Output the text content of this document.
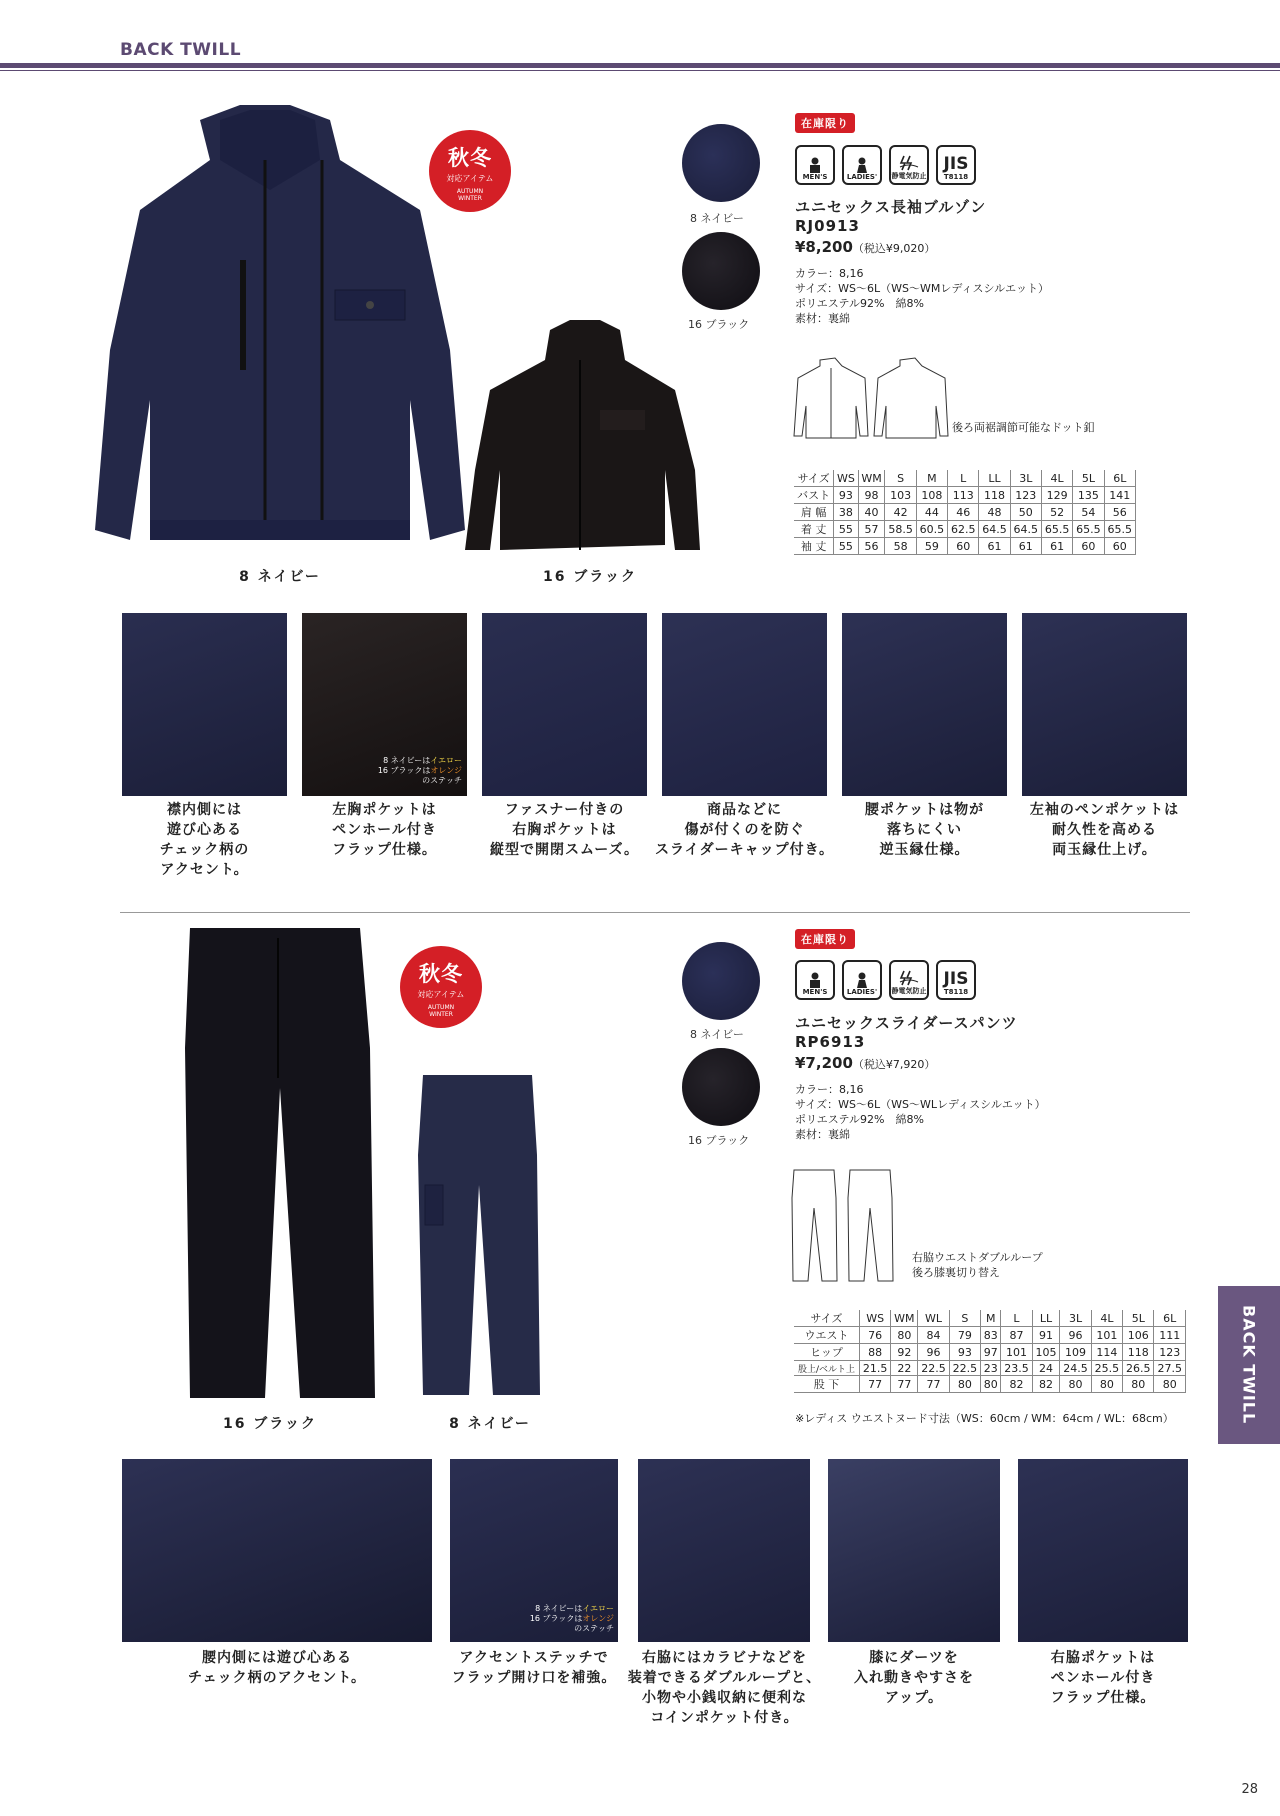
BACK TWILL
秋冬
対応アイテム
AUTUMN
WINTER
8 ネイビー	16 ブラック
8 ネイビー
16 ブラック
在庫限り
MEN'S	LADIES' 静電気防止
JIS
T8118
ユニセックス長袖ブルゾン
RJ0913
¥8,200（税込¥9,020）
カラー：8,16
サイズ：WS〜6L（WS〜WMレディスシルエット）
ポリエステル92%　綿8%
素材：裏綿
後ろ両裾調節可能なドット釦
サイズ	WS	WM	S	M	L	LL	3L	4L	5L	6L
バスト	93	98	103	108	113	118	123	129	135	141
肩 幅	38	40	42	44	46	48	50	52	54	56
着 丈	55	57	58.5	60.5	62.5	64.5	64.5	65.5	65.5	65.5
袖 丈	55	56	58	59	60	61	61	61	60	60
8 ネイビーはイエロー
16 ブラックはオレンジ
のステッチ
襟内側には
遊び心ある
チェック柄の
アクセント。
左胸ポケットは
ペンホール付き
フラップ仕様。
ファスナー付きの
右胸ポケットは
縦型で開閉スムーズ。
商品などに
傷が付くのを防ぐ
スライダーキャップ付き。
腰ポケットは物が
落ちにくい
逆玉縁仕様。
左袖のペンポケットは
耐久性を高める
両玉縁仕上げ。
秋冬
対応アイテム
AUTUMN
WINTER
16 ブラック	8 ネイビー
8 ネイビー
16 ブラック
在庫限り
MEN'S	LADIES' 静電気防止
JIS
T8118
ユニセックスライダースパンツ
RP6913
¥7,200（税込¥7,920）
カラー：8,16
サイズ：WS〜6L（WS〜WLレディスシルエット）
ポリエステル92%　綿8%
素材：裏綿
右脇ウエストダブルループ
後ろ膝裏切り替え
サイズ	WS	WM	WL	S	M	L	LL	3L	4L	5L	6L
ウエスト	76	80	84	79	83	87	91	96	101	106	111
ヒップ	88	92	96	93	97	101	105	109	114	118	123
股上/ベルト上	21.5	22	22.5	22.5	23	23.5	24	24.5	25.5	26.5	27.5
股 下	77	77	77	80	80	82	82	80	80	80	80
※レディス ウエストヌード寸法（WS：60cm / WM：64cm / WL：68cm）
8 ネイビーはイエロー
16 ブラックはオレンジ
のステッチ
腰内側には遊び心ある
チェック柄のアクセント。
アクセントステッチで
フラップ開け口を補強。
右脇にはカラビナなどを
装着できるダブルループと、
小物や小銭収納に便利な
コインポケット付き。
膝にダーツを
入れ動きやすさを
アップ。
右脇ポケットは
ペンホール付き
フラップ仕様。
BACK TWILL
28
